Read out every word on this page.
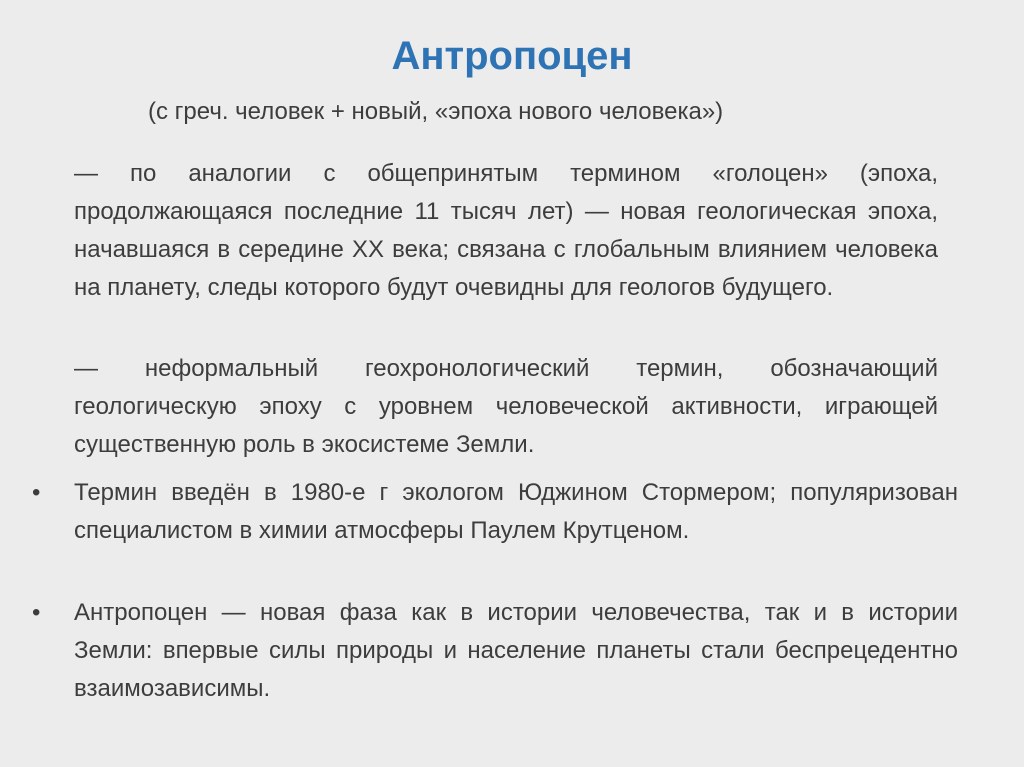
Антропоцен
(с греч. человек + новый, «эпоха нового человека»)

— по аналогии с общепринятым термином «голоцен» (эпоха, продолжающаяся последние 11 тысяч лет) — новая геологическая эпоха, начавшаяся в середине XX века; связана с глобальным влиянием человека на планету, следы которого будут очевидны для геологов будущего.

— неформальный геохронологический термин, обозначающий геологическую эпоху с уровнем человеческой активности, играющей существенную роль в экосистеме Земли.

•	Термин введён в 1980-е г экологом Юджином Стормером; популяризован специалистом в химии атмосферы Паулем Крутценом.

•	Антропоцен — новая фаза как в истории человечества, так и в истории Земли: впервые силы природы и население планеты стали беспрецедентно взаимозависимы.
